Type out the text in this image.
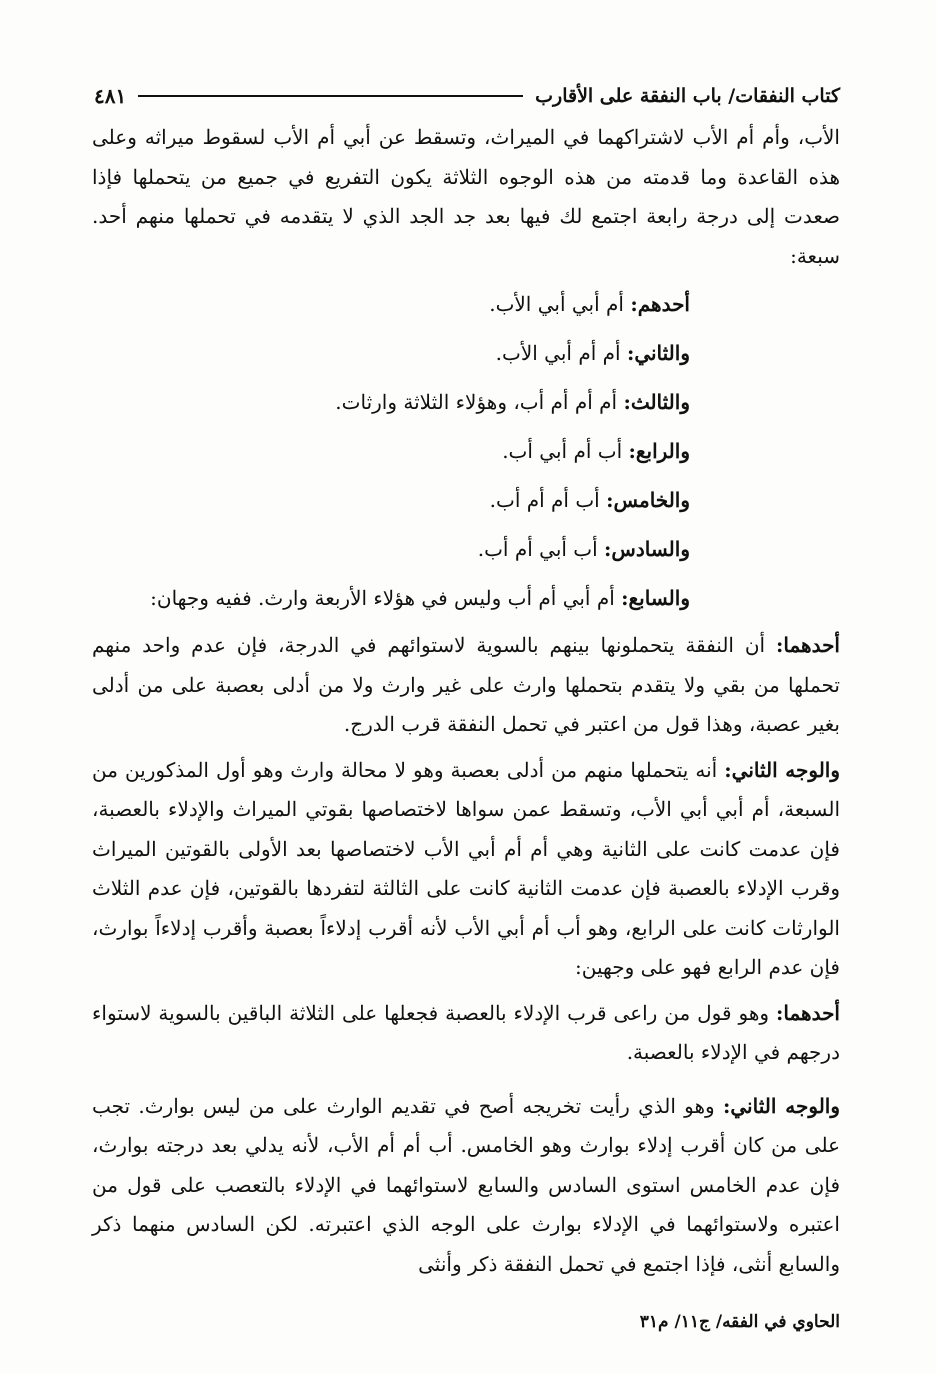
كتاب النفقات/ باب النفقة على الأقارب
٤٨١

الأب، وأم أم الأب لاشتراكهما في الميراث، وتسقط عن أبي أم الأب لسقوط ميراثه وعلى هذه القاعدة وما قدمته من هذه الوجوه الثلاثة يكون التفريع في جميع من يتحملها فإذا صعدت إلى درجة رابعة اجتمع لك فيها بعد جد الجد الذي لا يتقدمه في تحملها منهم أحد. سبعة:

أحدهم: أم أبي أبي الأب.

والثاني: أم أم أبي الأب.

والثالث: أم أم أم أب، وهؤلاء الثلاثة وارثات.

والرابع: أب أم أبي أب.

والخامس: أب أم أم أب.

والسادس: أب أبي أم أب.

والسابع: أم أبي أم أب وليس في هؤلاء الأربعة وارث. ففيه وجهان:

أحدهما: أن النفقة يتحملونها بينهم بالسوية لاستوائهم في الدرجة، فإن عدم واحد منهم تحملها من بقي ولا يتقدم بتحملها وارث على غير وارث ولا من أدلى بعصبة على من أدلى بغير عصبة، وهذا قول من اعتبر في تحمل النفقة قرب الدرج.

والوجه الثاني: أنه يتحملها منهم من أدلى بعصبة وهو لا محالة وارث وهو أول المذكورين من السبعة، أم أبي أبي الأب، وتسقط عمن سواها لاختصاصها بقوتي الميراث والإدلاء بالعصبة، فإن عدمت كانت على الثانية وهي أم أم أبي الأب لاختصاصها بعد الأولى بالقوتين الميراث وقرب الإدلاء بالعصبة فإن عدمت الثانية كانت على الثالثة لتفردها بالقوتين، فإن عدم الثلاث الوارثات كانت على الرابع، وهو أب أم أبي الأب لأنه أقرب إدلاءاً بعصبة وأقرب إدلاءاً بوارث، فإن عدم الرابع فهو على وجهين:

أحدهما: وهو قول من راعى قرب الإدلاء بالعصبة فجعلها على الثلاثة الباقين بالسوية لاستواء درجهم في الإدلاء بالعصبة.

والوجه الثاني: وهو الذي رأيت تخريجه أصح في تقديم الوارث على من ليس بوارث. تجب على من كان أقرب إدلاء بوارث وهو الخامس. أب أم أم الأب، لأنه يدلي بعد درجته بوارث، فإن عدم الخامس استوى السادس والسابع لاستوائهما في الإدلاء بالتعصب على قول من اعتبره ولاستوائهما في الإدلاء بوارث على الوجه الذي اعتبرته. لكن السادس منهما ذكر والسابع أنثى، فإذا اجتمع في تحمل النفقة ذكر وأنثى

الحاوي في الفقه/ ج١١/ م٣١
